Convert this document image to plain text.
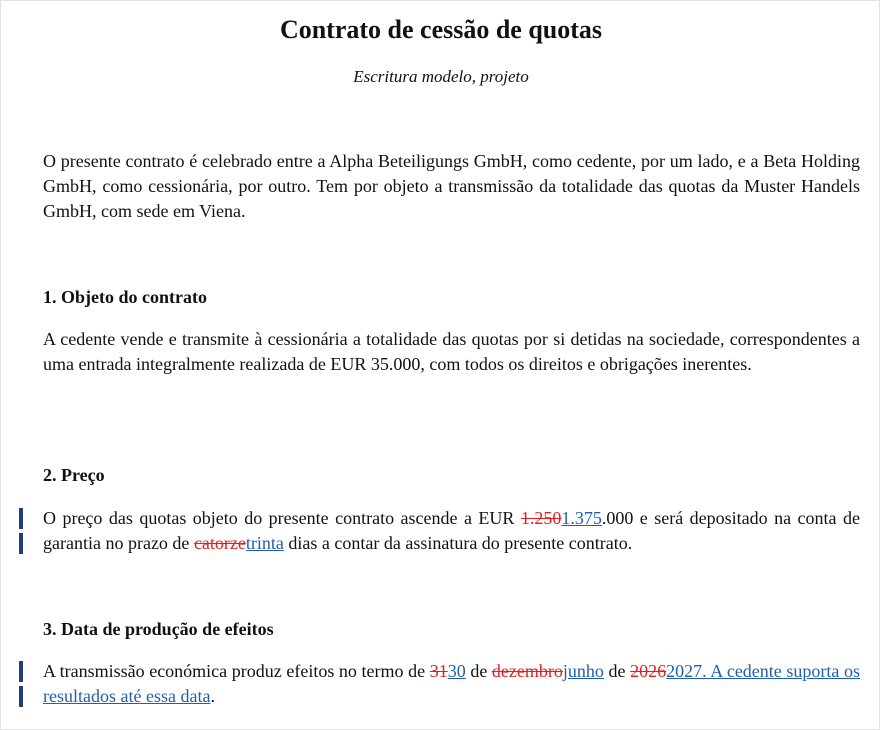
Contrato de cessão de quotas
Escritura modelo, projeto

O presente contrato é celebrado entre a Alpha Beteiligungs GmbH, como cedente, por um lado, e a Beta Holding GmbH, como cessionária, por outro. Tem por objeto a transmissão da totalidade das quotas da Muster Handels GmbH, com sede em Viena.

1. Objeto do contrato

A cedente vende e transmite à cessionária a totalidade das quotas por si detidas na sociedade, correspondentes a uma entrada integralmente realizada de EUR 35.000, com todos os direitos e obrigações inerentes.

2. Preço

O preço das quotas objeto do presente contrato ascende a EUR 1.2501.375.000 e será depositado na conta de garantia no prazo de catorzetrinta dias a contar da assinatura do presente contrato.

3. Data de produção de efeitos

A transmissão económica produz efeitos no termo de 3130 de dezembrojunho de 20262027. A cedente suporta os resultados até essa data.
